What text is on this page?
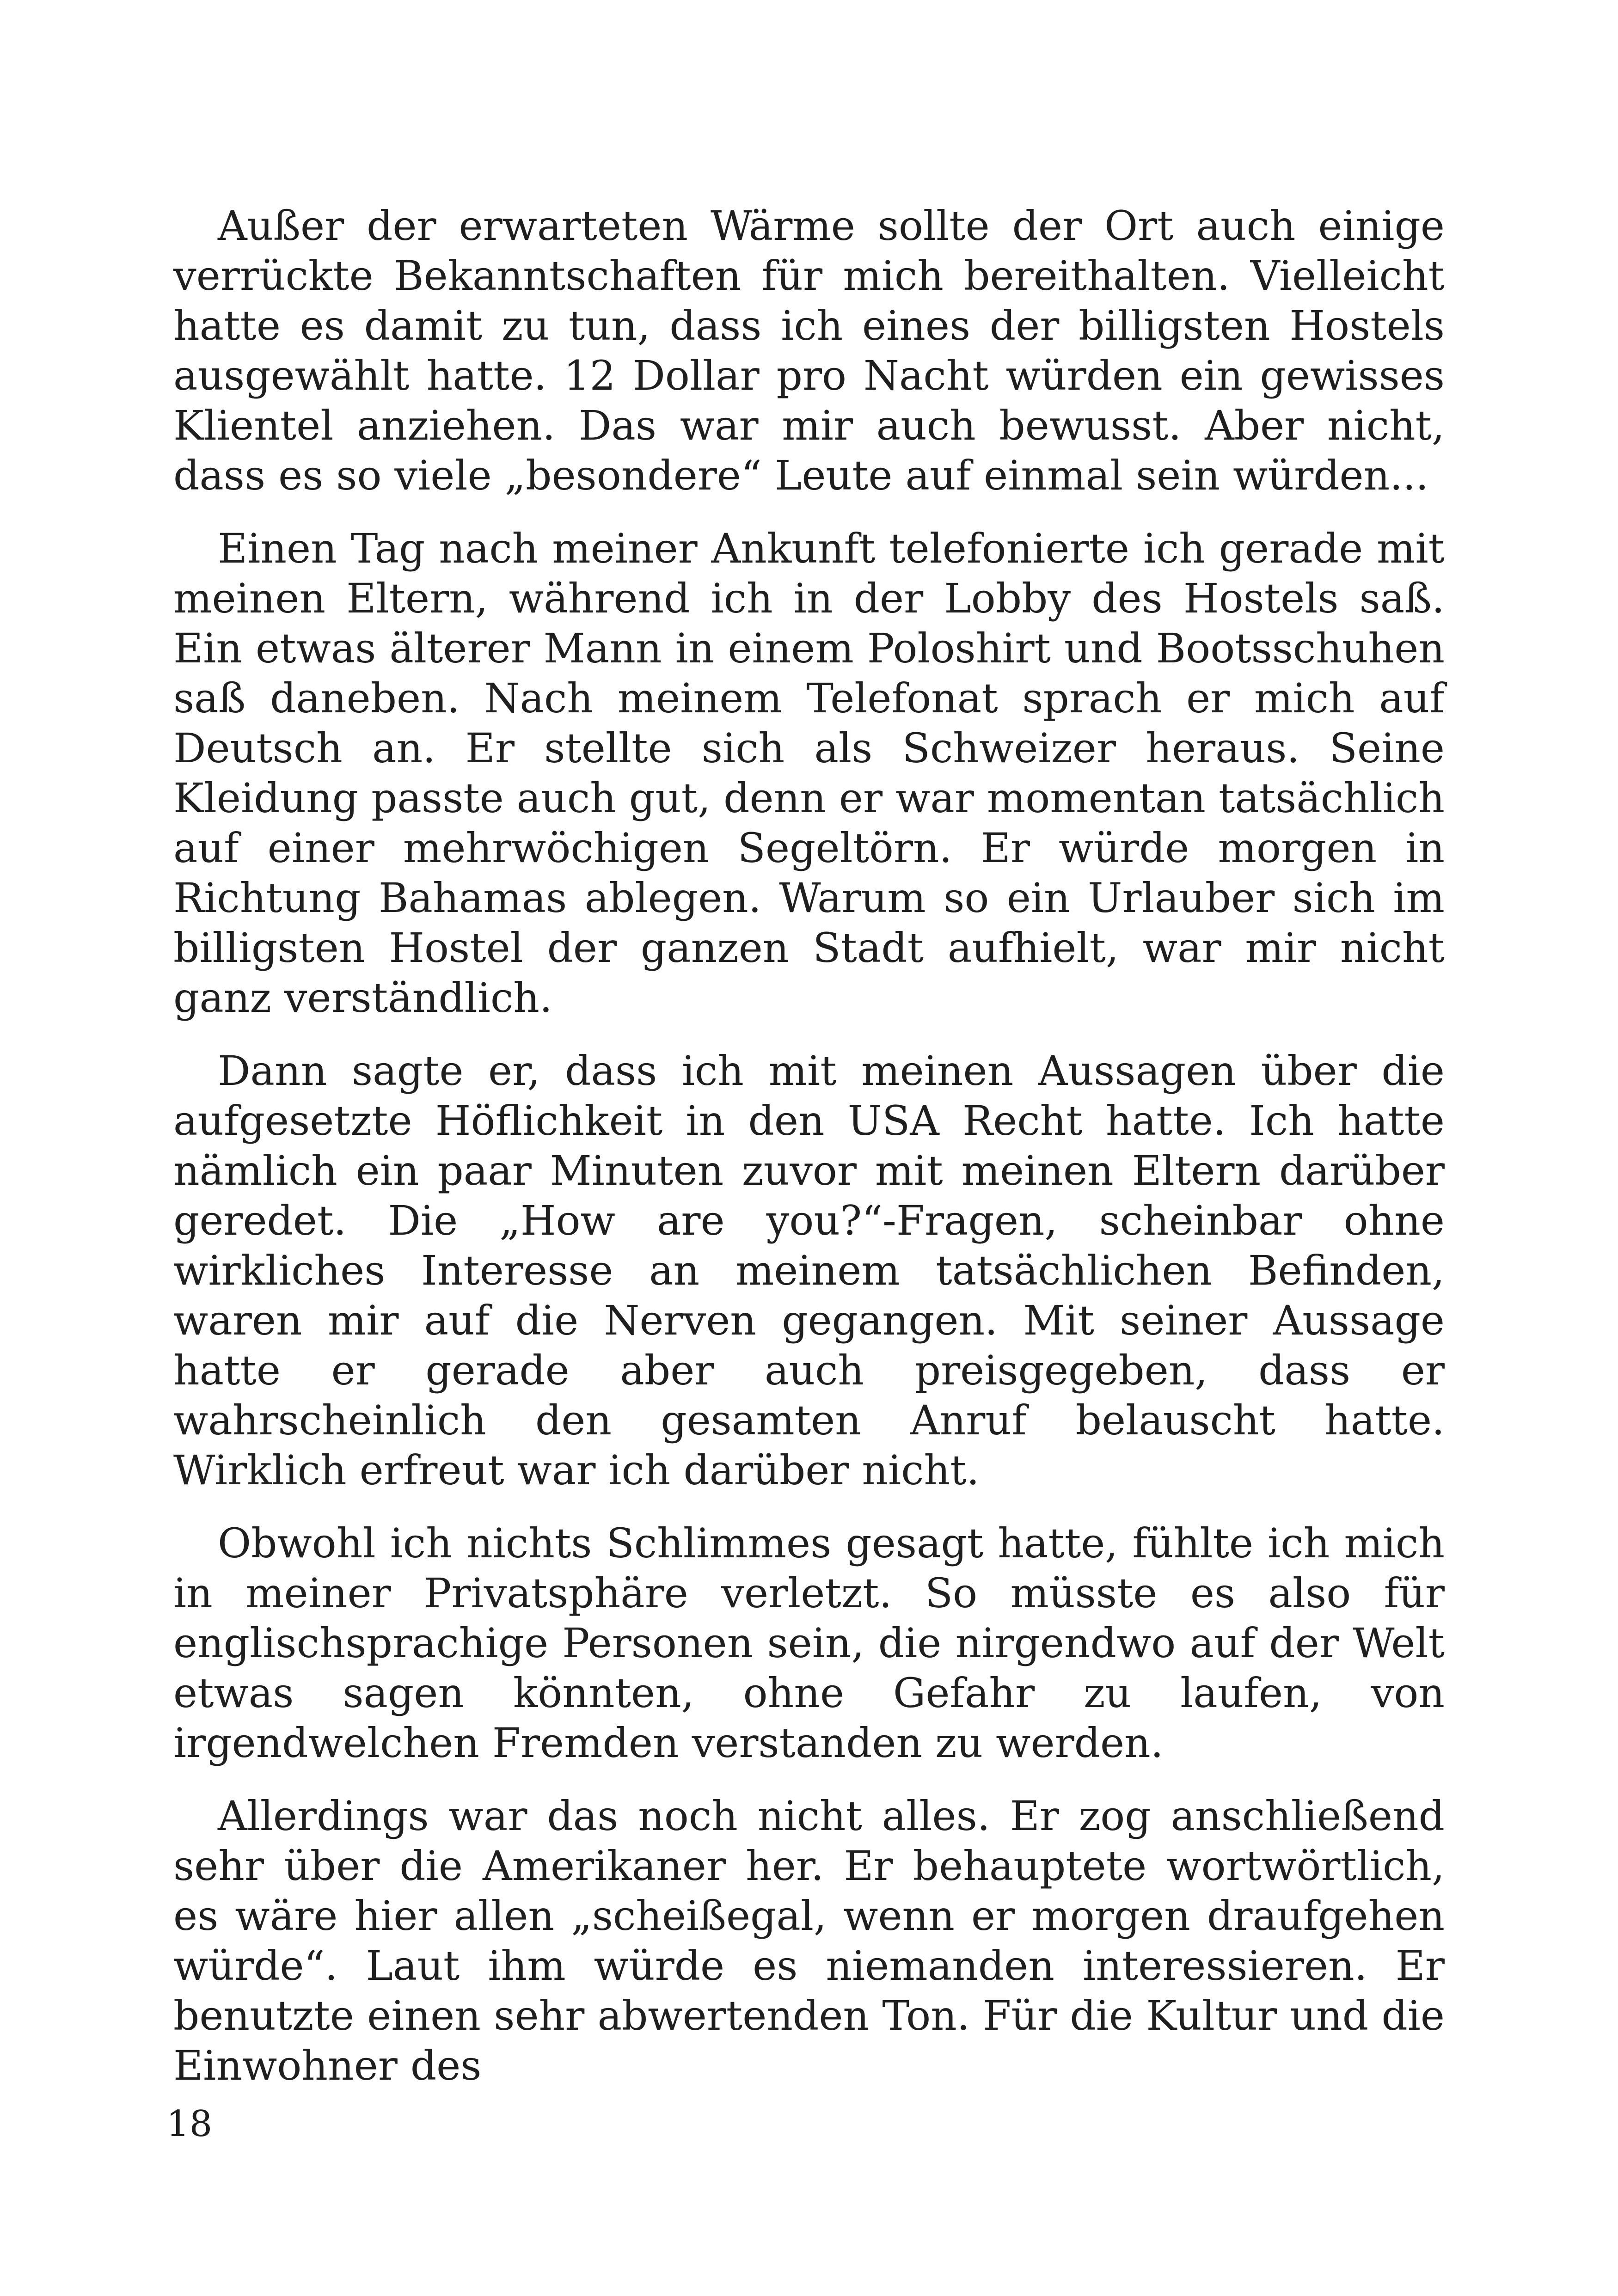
Außer der erwarteten Wärme sollte der Ort auch einige verrückte Bekanntschaften für mich bereithalten. Vielleicht hatte es damit zu tun, dass ich eines der billigsten Hostels ausgewählt hatte. 12 Dollar pro Nacht würden ein gewisses Klientel anziehen. Das war mir auch bewusst. Aber nicht, dass es so viele „besondere“ Leute auf einmal sein würden...

Einen Tag nach meiner Ankunft telefonierte ich gerade mit meinen Eltern, während ich in der Lobby des Hostels saß. Ein etwas älterer Mann in einem Poloshirt und Bootsschuhen saß daneben. Nach meinem Telefonat sprach er mich auf Deutsch an. Er stellte sich als Schweizer heraus. Seine Kleidung passte auch gut, denn er war momentan tatsächlich auf einer mehrwöchigen Segeltörn. Er würde morgen in Richtung Bahamas ablegen. Warum so ein Urlauber sich im billigsten Hostel der ganzen Stadt aufhielt, war mir nicht ganz verständlich.

Dann sagte er, dass ich mit meinen Aussagen über die aufgesetzte Höflichkeit in den USA Recht hatte. Ich hatte nämlich ein paar Minuten zuvor mit meinen Eltern darüber geredet. Die „How are you?“-Fragen, scheinbar ohne wirkliches Interesse an meinem tatsächlichen Befinden, waren mir auf die Nerven gegangen. Mit seiner Aussage hatte er gerade aber auch preisgegeben, dass er wahrscheinlich den gesamten Anruf belauscht hatte. Wirklich erfreut war ich darüber nicht.

Obwohl ich nichts Schlimmes gesagt hatte, fühlte ich mich in meiner Privatsphäre verletzt. So müsste es also für englischsprachige Personen sein, die nirgendwo auf der Welt etwas sagen könnten, ohne Gefahr zu laufen, von irgendwelchen Fremden verstanden zu werden.

Allerdings war das noch nicht alles. Er zog anschließend sehr über die Amerikaner her. Er behauptete wortwörtlich, es wäre hier allen „scheißegal, wenn er morgen draufgehen würde“. Laut ihm würde es niemanden interessieren. Er benutzte einen sehr abwertenden Ton. Für die Kultur und die Einwohner des

18
